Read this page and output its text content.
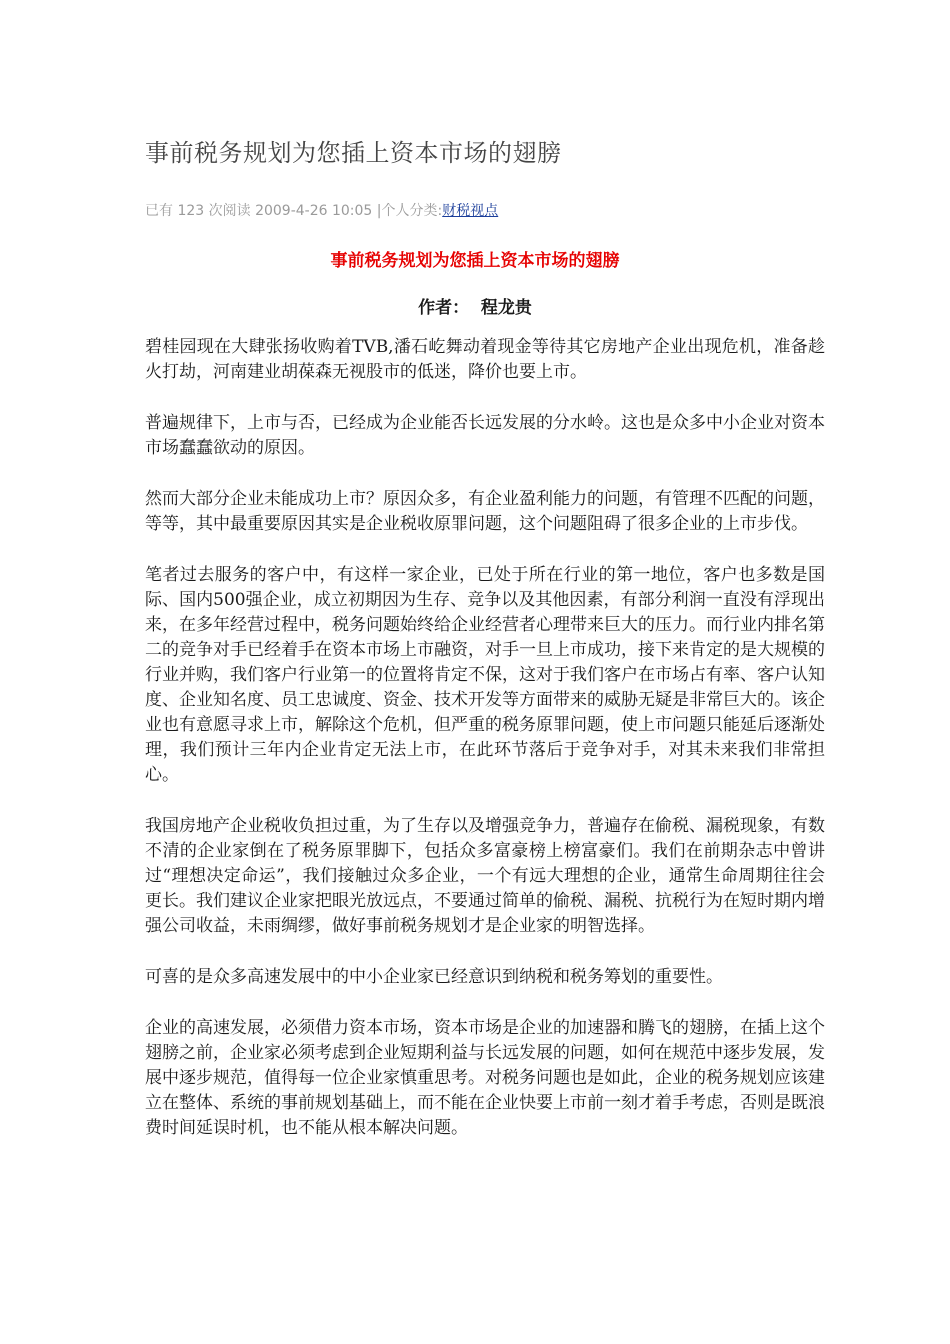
事前税务规划为您插上资本市场的翅膀
已有 123 次阅读 2009-4-26 10:05 |个人分类:财税视点
事前税务规划为您插上资本市场的翅膀
作者： 程龙贵

碧桂园现在大肆张扬收购着TVB,潘石屹舞动着现金等待其它房地产企业出现危机，准备趁火打劫，河南建业胡葆森无视股市的低迷，降价也要上市。

普遍规律下，上市与否，已经成为企业能否长远发展的分水岭。这也是众多中小企业对资本市场蠢蠢欲动的原因。

然而大部分企业未能成功上市？原因众多，有企业盈利能力的问题，有管理不匹配的问题，等等，其中最重要原因其实是企业税收原罪问题，这个问题阻碍了很多企业的上市步伐。

笔者过去服务的客户中，有这样一家企业，已处于所在行业的第一地位，客户也多数是国际、国内500强企业，成立初期因为生存、竞争以及其他因素，有部分利润一直没有浮现出来，在多年经营过程中，税务问题始终给企业经营者心理带来巨大的压力。而行业内排名第二的竞争对手已经着手在资本市场上市融资，对手一旦上市成功，接下来肯定的是大规模的行业并购，我们客户行业第一的位置将肯定不保，这对于我们客户在市场占有率、客户认知度、企业知名度、员工忠诚度、资金、技术开发等方面带来的威胁无疑是非常巨大的。该企业也有意愿寻求上市，解除这个危机，但严重的税务原罪问题，使上市问题只能延后逐渐处理，我们预计三年内企业肯定无法上市，在此环节落后于竞争对手，对其未来我们非常担心。

我国房地产企业税收负担过重，为了生存以及增强竞争力，普遍存在偷税、漏税现象，有数不清的企业家倒在了税务原罪脚下，包括众多富豪榜上榜富豪们。我们在前期杂志中曾讲过“理想决定命运”，我们接触过众多企业，一个有远大理想的企业，通常生命周期往往会更长。我们建议企业家把眼光放远点，不要通过简单的偷税、漏税、抗税行为在短时期内增强公司收益，未雨绸缪，做好事前税务规划才是企业家的明智选择。

可喜的是众多高速发展中的中小企业家已经意识到纳税和税务筹划的重要性。

企业的高速发展，必须借力资本市场，资本市场是企业的加速器和腾飞的翅膀，在插上这个翅膀之前，企业家必须考虑到企业短期利益与长远发展的问题，如何在规范中逐步发展，发展中逐步规范，值得每一位企业家慎重思考。对税务问题也是如此，企业的税务规划应该建立在整体、系统的事前规划基础上，而不能在企业快要上市前一刻才着手考虑，否则是既浪费时间延误时机，也不能从根本解决问题。
